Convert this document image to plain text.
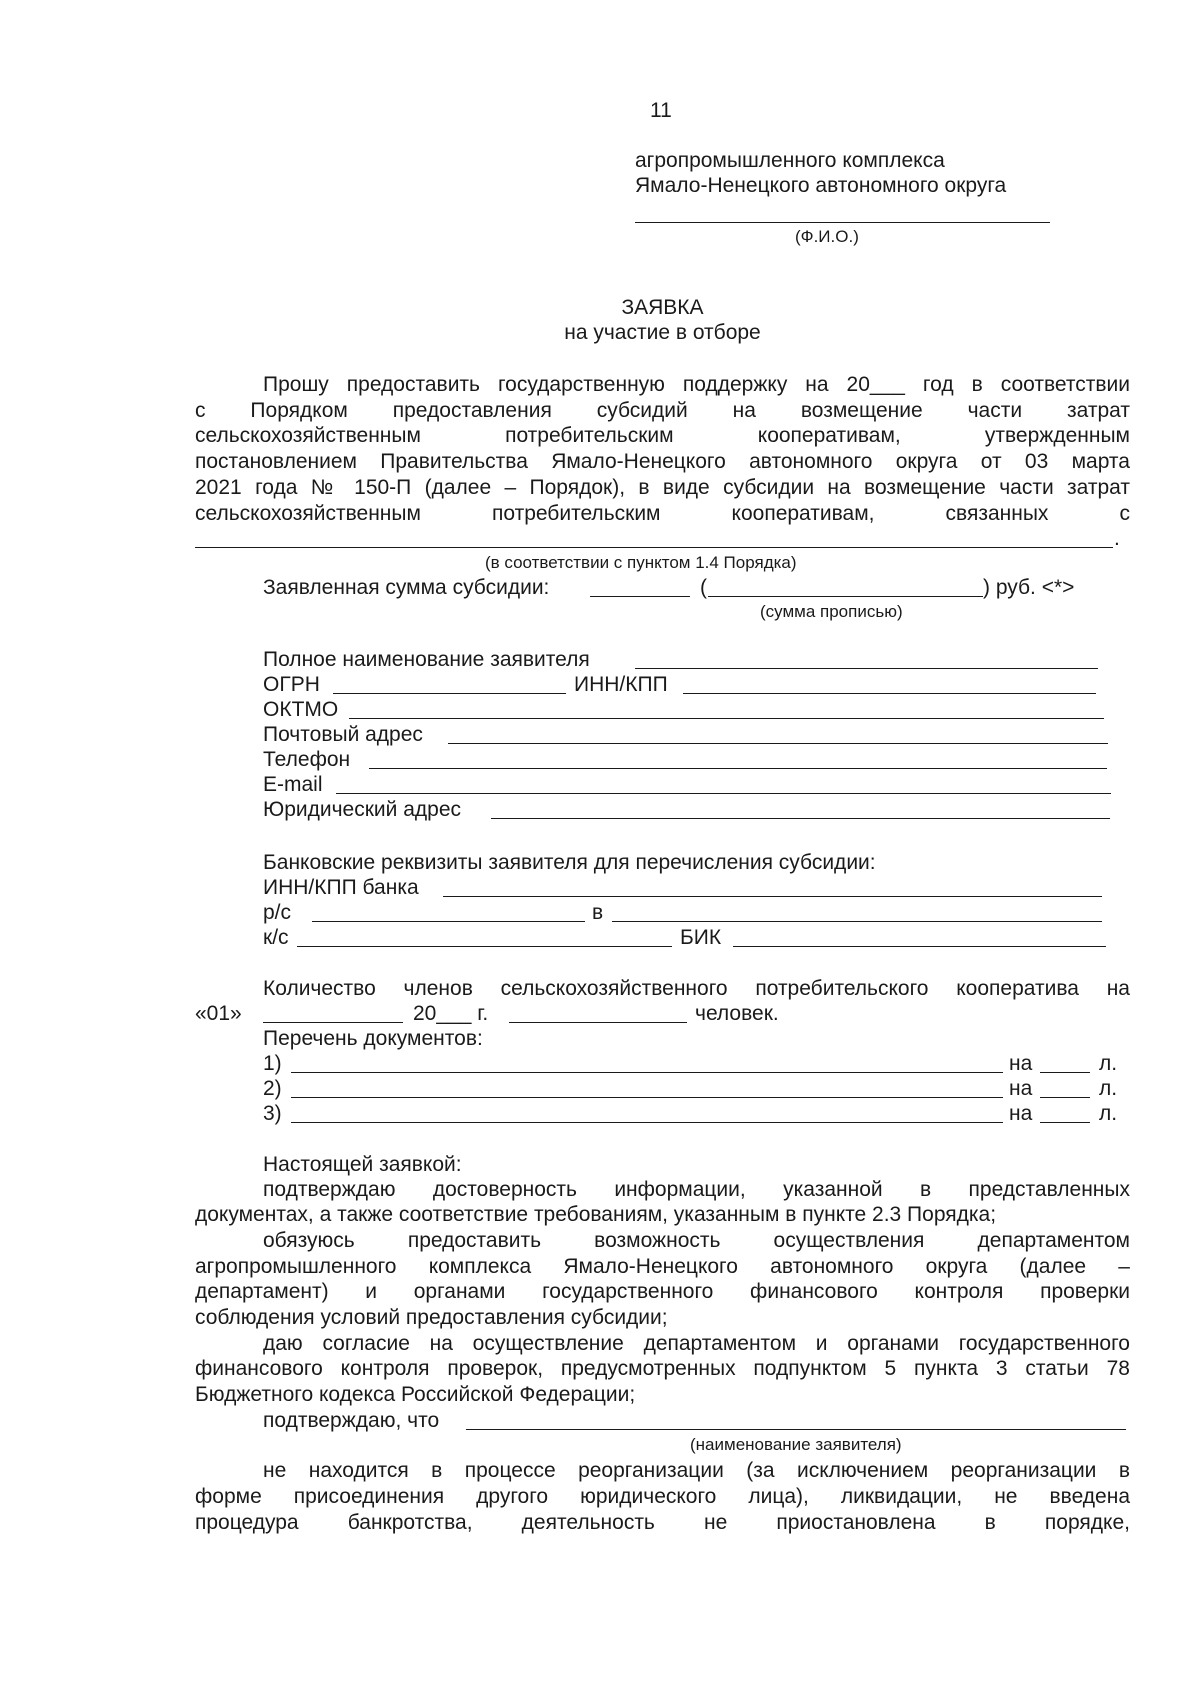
11
агропромышленного комплекса
Ямало-Ненецкого автономного округа
(Ф.И.О.)
ЗАЯВКА
на участие в отборе
Прошу предоставить государственную поддержку на 20___ год в соответствии
с Порядком предоставления субсидий на возмещение части затрат
сельскохозяйственным потребительским кооперативам, утвержденным
постановлением Правительства Ямало-Ненецкого автономного округа от 03 марта
2021 года № 150-П (далее – Порядок), в виде субсидии на возмещение части затрат
сельскохозяйственным потребительским кооперативам, связанных с
.
(в соответствии с пунктом 1.4 Порядка)
Заявленная сумма субсидии:	(	) руб. <*>
(сумма прописью)
Полное наименование заявителя
ОГРН	ИНН/КПП
ОКТМО
Почтовый адрес
Телефон
E-mail
Юридический адрес
Банковские реквизиты заявителя для перечисления субсидии:
ИНН/КПП банка
р/с	в
к/с	БИК
Количество членов сельскохозяйственного потребительского кооператива на
«01»	20___ г.	человек.
Перечень документов:
1)	на	л.
2)	на	л.
3)	на	л.
Настоящей заявкой:
подтверждаю достоверность информации, указанной в представленных
документах, а также соответствие требованиям, указанным в пункте 2.3 Порядка;
обязуюсь предоставить возможность осуществления департаментом
агропромышленного комплекса Ямало-Ненецкого автономного округа (далее –
департамент) и органами государственного финансового контроля проверки
соблюдения условий предоставления субсидии;
даю согласие на осуществление департаментом и органами государственного
финансового контроля проверок, предусмотренных подпунктом 5 пункта 3 статьи 78
Бюджетного кодекса Российской Федерации;
подтверждаю, что
(наименование заявителя)
не находится в процессе реорганизации (за исключением реорганизации в
форме присоединения другого юридического лица), ликвидации, не введена
процедура банкротства, деятельность не приостановлена в порядке,
